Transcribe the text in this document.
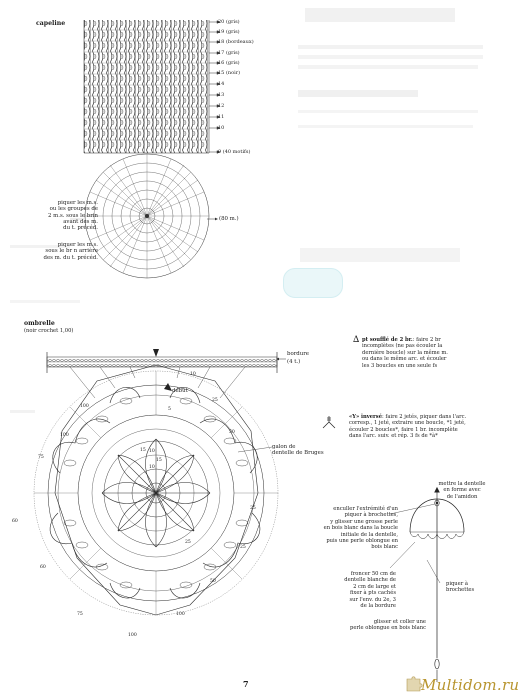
capeline	20 (gris)
19 (gris)
18 (bordeaux)
17 (gris)
16 (gris)
15 (noir)
14
13
12
11
10
9 (40 motifs)
(80 m.)
piquer les m.s.
ou les groupes de
2 m.s. sous le brin
avant des m.
du t. précéd.
piquer les m.s.
sous le br n arrière
des m. du t. précéd.
ombrelle
(noir crochet 1,00)
bordure
(4 t.)
début
galon de
dentelle de Bruges
10
25
25
50
60
75
100
100
10
15
25
50
60
75	100
100
25
5
10
15
∆ pt soufflé de 2 br.: faire 2 br
incomplètes (ne pas écouler la
dernière boucle) sur la même m.
ou dans le même arc. et écouler
les 3 boucles en une seule fs
«Y» inversé: faire 2 jetés, piquer dans l'arc.
corresp., 1 jeté, extraire une boucle, *1 jeté,
écouler 2 boucles*, faire 1 br. incomplète
dans l'arc. suiv. et rép. 3 fs de *à*
mettre la dentelle
en forme avec
de l'amidon
enculler l'extrémité d'un
piquer à brochettes,
y glisser une grosse perle
en bois blanc dans la boucle
initiale de la dentelle,
puis une perle oblongue en
bois blanc
piquer à
brochettes
froncer 50 cm de
dentelle blanche de
2 cm de large et
fixer à pts cachés
sur l'env. du 2e, 3
de la bordure
glisser et coller une
perle oblongue en bois blanc
7	Multidom.ru
